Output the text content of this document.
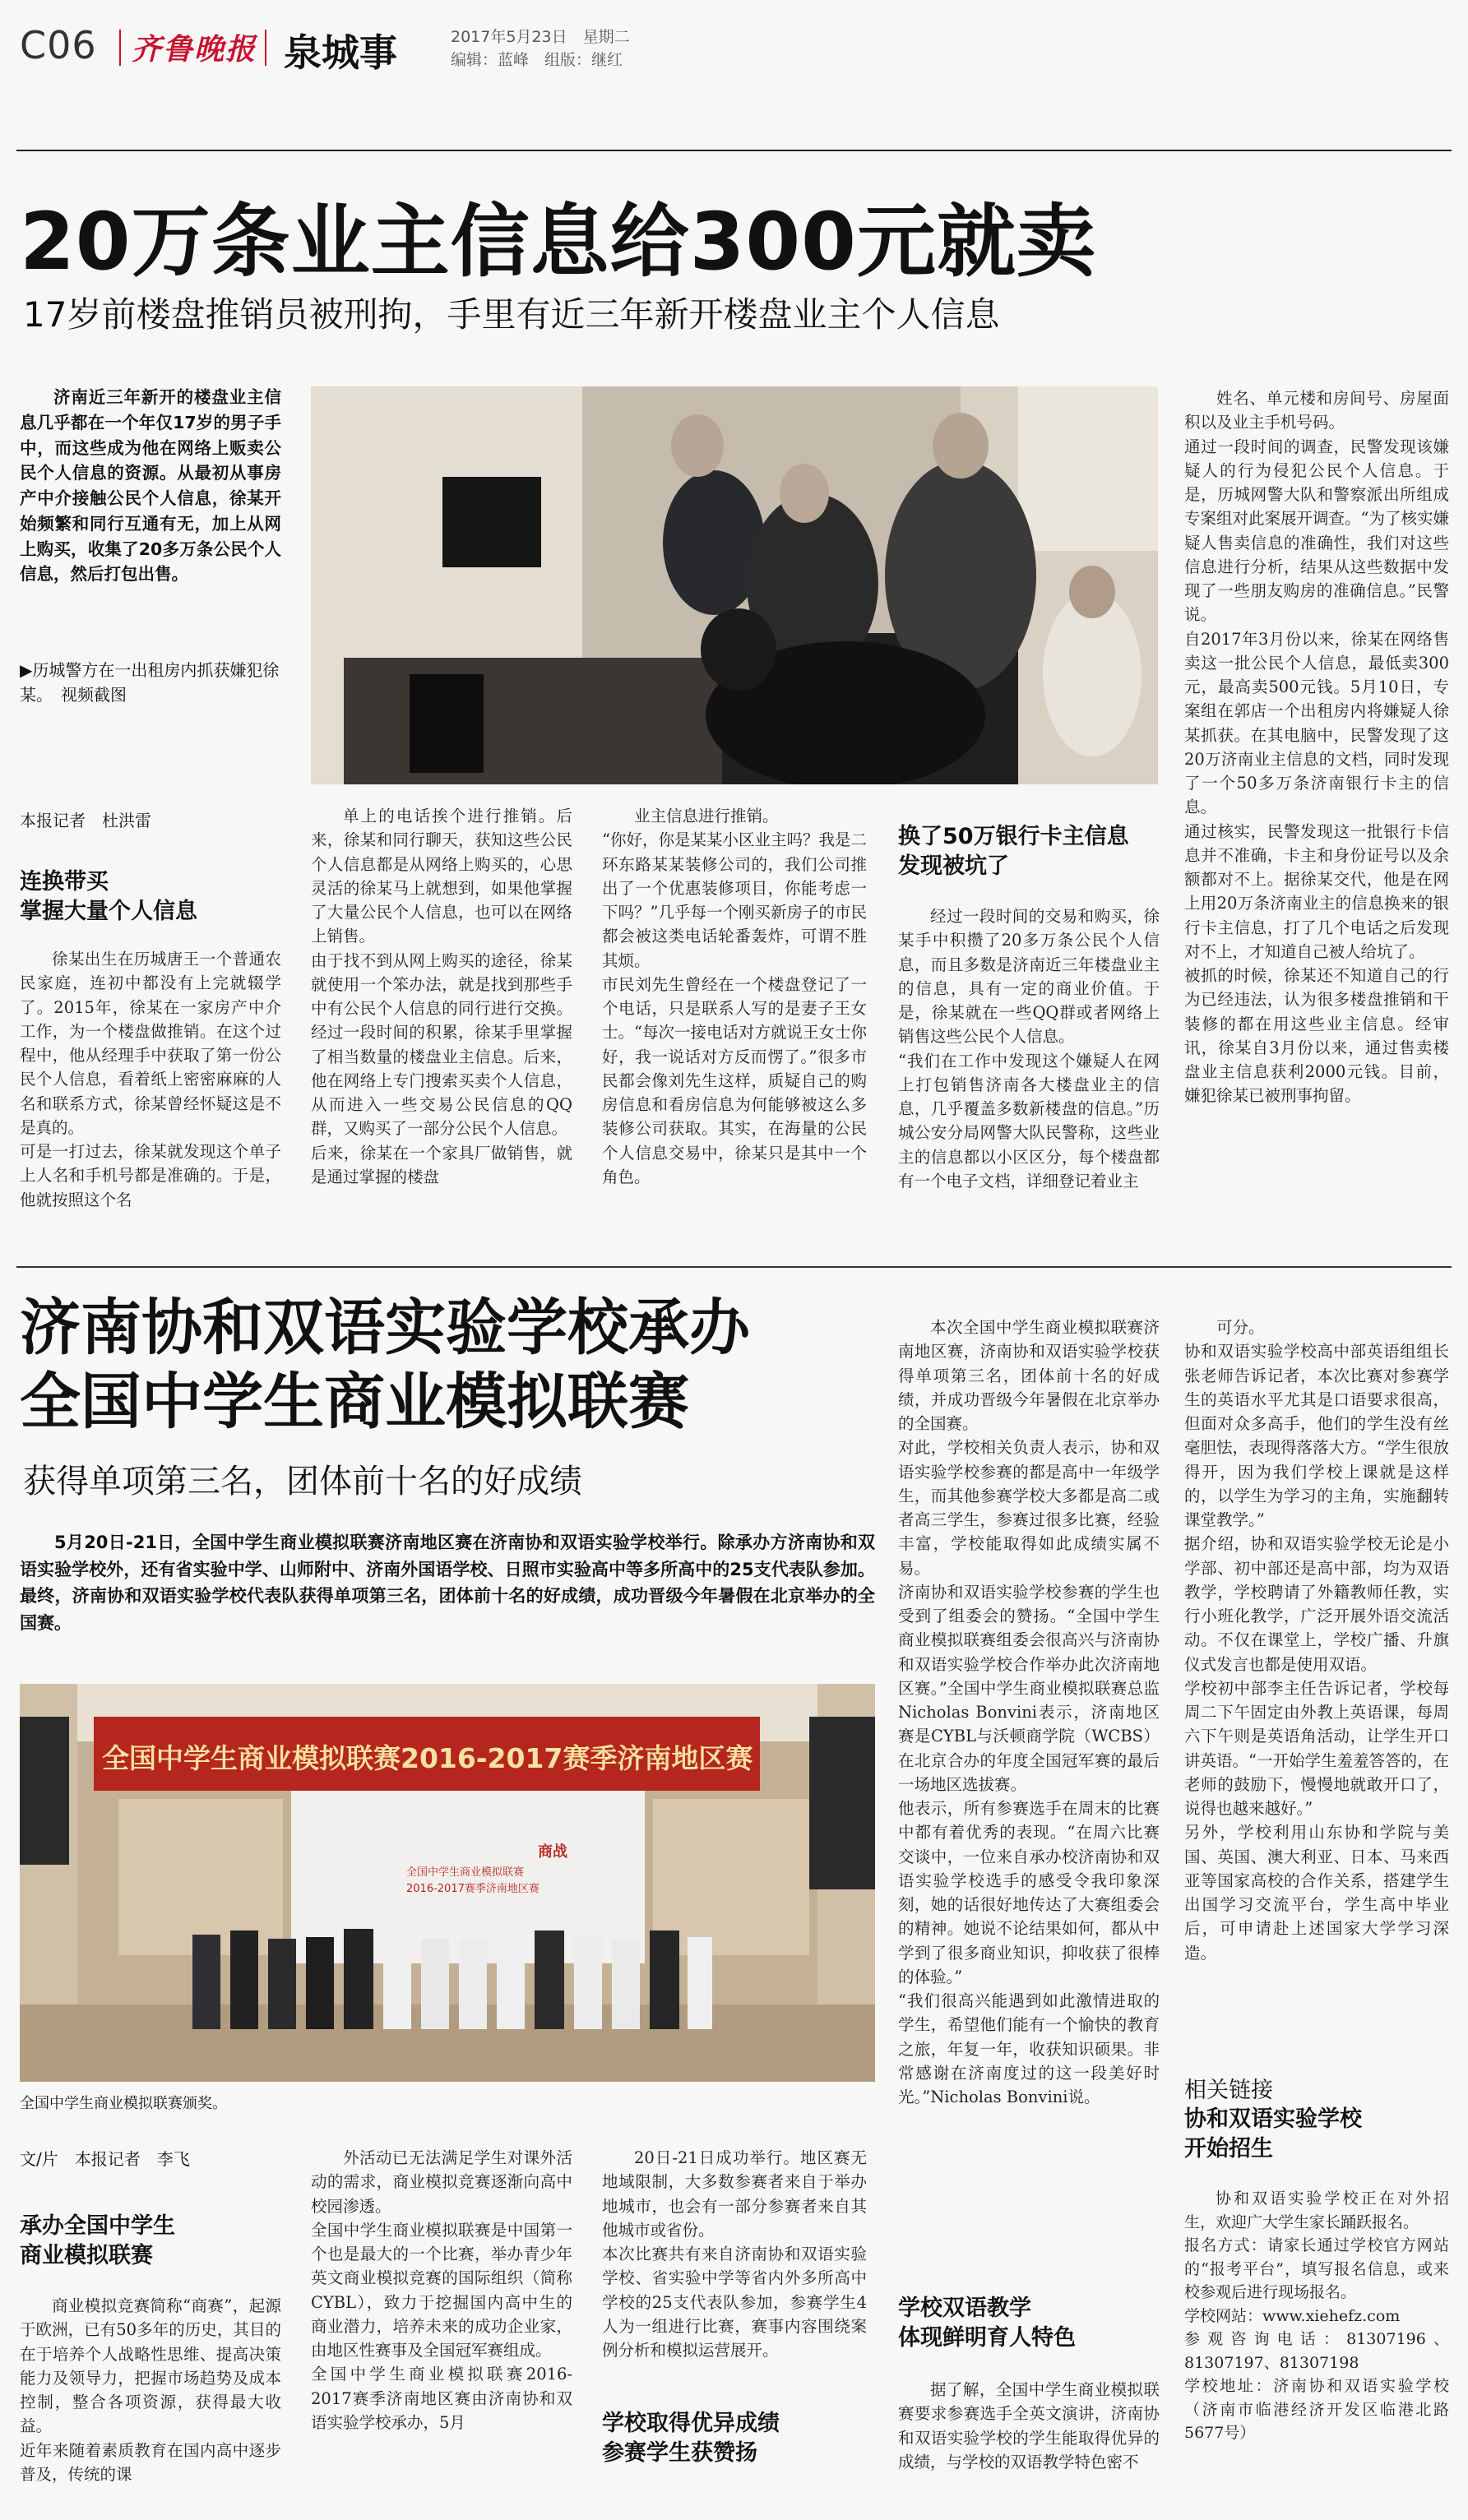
C06 齐鲁晚报 泉城事	2017年5月23日　 星期二
编辑：蓝峰　 组版：继红
20万条业主信息给300元就卖
17岁前楼盘推销员被刑拘，手里有近三年新开楼盘业主个人信息

济南近三年新开的楼盘业主信息几乎都在一个年仅17岁的男子手中，而这些成为他在网络上贩卖公民个人信息的资源。从最初从事房产中介接触公民个人信息，徐某开始频繁和同行互通有无，加上从网上购买，收集了20多万条公民个人信息，然后打包出售。

▶历城警方在一出租房内抓获嫌犯徐某。　视频截图

姓名、单元楼和房间号、房屋面积以及业主手机号码。
通过一段时间的调查，民警发现该嫌疑人的行为侵犯公民个人信息。于是，历城网警大队和警察派出所组成专案组对此案展开调查。“为了核实嫌疑人售卖信息的准确性，我们对这些信息进行分析，结果从这些数据中发现了一些朋友购房的准确信息。”民警说。
自2017年3月份以来，徐某在网络售卖这一批公民个人信息，最低卖300元，最高卖500元钱。5月10日，专案组在郭店一个出租房内将嫌疑人徐某抓获。在其电脑中，民警发现了这20万济南业主信息的文档，同时发现了一个50多万条济南银行卡主的信息。
通过核实，民警发现这一批银行卡信息并不准确，卡主和身份证号以及余额都对不上。据徐某交代，他是在网上用20万条济南业主的信息换来的银行卡主信息，打了几个电话之后发现对不上，才知道自己被人给坑了。
被抓的时候，徐某还不知道自己的行为已经违法，认为很多楼盘推销和干装修的都在用这些业主信息。经审讯，徐某自3月份以来，通过售卖楼盘业主信息获利2000元钱。目前，嫌犯徐某已被刑事拘留。

本报记者　杜洪雷
连换带买
掌握大量个人信息

徐某出生在历城唐王一个普通农民家庭，连初中都没有上完就辍学了。2015年，徐某在一家房产中介工作，为一个楼盘做推销。在这个过程中，他从经理手中获取了第一份公民个人信息，看着纸上密密麻麻的人名和联系方式，徐某曾经怀疑这是不是真的。
可是一打过去，徐某就发现这个单子上人名和手机号都是准确的。于是，他就按照这个名

单上的电话挨个进行推销。后来，徐某和同行聊天，获知这些公民个人信息都是从网络上购买的，心思灵活的徐某马上就想到，如果他掌握了大量公民个人信息，也可以在网络上销售。
由于找不到从网上购买的途径，徐某就使用一个笨办法，就是找到那些手中有公民个人信息的同行进行交换。经过一段时间的积累，徐某手里掌握了相当数量的楼盘业主信息。后来，他在网络上专门搜索买卖个人信息，从而进入一些交易公民信息的QQ群，又购买了一部分公民个人信息。
后来，徐某在一个家具厂做销售，就是通过掌握的楼盘

业主信息进行推销。
“你好，你是某某小区业主吗？我是二环东路某某装修公司的，我们公司推出了一个优惠装修项目，你能考虑一下吗？”几乎每一个刚买新房子的市民都会被这类电话轮番轰炸，可谓不胜其烦。
市民刘先生曾经在一个楼盘登记了一个电话，只是联系人写的是妻子王女士。“每次一接电话对方就说王女士你好，我一说话对方反而愣了。”很多市民都会像刘先生这样，质疑自己的购房信息和看房信息为何能够被这么多装修公司获取。其实，在海量的公民个人信息交易中，徐某只是其中一个角色。

换了50万银行卡主信息
发现被坑了

经过一段时间的交易和购买，徐某手中积攒了20多万条公民个人信息，而且多数是济南近三年楼盘业主的信息，具有一定的商业价值。于是，徐某就在一些QQ群或者网络上销售这些公民个人信息。
“我们在工作中发现这个嫌疑人在网上打包销售济南各大楼盘业主的信息，几乎覆盖多数新楼盘的信息。”历城公安分局网警大队民警称，这些业主的信息都以小区区分，每个楼盘都有一个电子文档，详细登记着业主

济南协和双语实验学校承办
全国中学生商业模拟联赛
获得单项第三名，团体前十名的好成绩

5月20日-21日，全国中学生商业模拟联赛济南地区赛在济南协和双语实验学校举行。除承办方济南协和双语实验学校外，还有省实验中学、山师附中、济南外国语学校、日照市实验高中等多所高中的25支代表队参加。最终，济南协和双语实验学校代表队获得单项第三名，团体前十名的好成绩，成功晋级今年暑假在北京举办的全国赛。

全国中学生商业模拟联赛2016-2017赛季济南地区赛
全国中学生商业模拟联赛
2016-2017赛季济南地区赛
商战
全国中学生商业模拟联赛颁奖。
文/片　本报记者　李飞
承办全国中学生
商业模拟联赛

商业模拟竞赛简称“商赛”，起源于欧洲，已有50多年的历史，其目的在于培养个人战略性思维、提高决策能力及领导力，把握市场趋势及成本控制，整合各项资源，获得最大收益。
近年来随着素质教育在国内高中逐步普及，传统的课

外活动已无法满足学生对课外活动的需求，商业模拟竞赛逐渐向高中校园渗透。
全国中学生商业模拟联赛是中国第一个也是最大的一个比赛，举办青少年英文商业模拟竞赛的国际组织（简称CYBL），致力于挖掘国内高中生的商业潜力，培养未来的成功企业家，由地区性赛事及全国冠军赛组成。
全国中学生商业模拟联赛2016-2017赛季济南地区赛由济南协和双语实验学校承办，5月

20日-21日成功举行。地区赛无地域限制，大多数参赛者来自于举办地城市，也会有一部分参赛者来自其他城市或省份。
本次比赛共有来自济南协和双语实验学校、省实验中学等省内外多所高中学校的25支代表队参加，参赛学生4人为一组进行比赛，赛事内容围绕案例分析和模拟运营展开。

学校取得优异成绩
参赛学生获赞扬

本次全国中学生商业模拟联赛济南地区赛，济南协和双语实验学校获得单项第三名，团体前十名的好成绩，并成功晋级今年暑假在北京举办的全国赛。
对此，学校相关负责人表示，协和双语实验学校参赛的都是高中一年级学生，而其他参赛学校大多都是高二或者高三学生，参赛过很多比赛，经验丰富，学校能取得如此成绩实属不易。
济南协和双语实验学校参赛的学生也受到了组委会的赞扬。“全国中学生商业模拟联赛组委会很高兴与济南协和双语实验学校合作举办此次济南地区赛。”全国中学生商业模拟联赛总监Nicholas Bonvini表示，济南地区赛是CYBL与沃顿商学院（WCBS）在北京合办的年度全国冠军赛的最后一场地区选拔赛。
他表示，所有参赛选手在周末的比赛中都有着优秀的表现。“在周六比赛交谈中，一位来自承办校济南协和双语实验学校选手的感受令我印象深刻，她的话很好地传达了大赛组委会的精神。她说不论结果如何，都从中学到了很多商业知识，抑收获了很棒的体验。”
“我们很高兴能遇到如此激情进取的学生，希望他们能有一个愉快的教育之旅，年复一年，收获知识硕果。非常感谢在济南度过的这一段美好时光。”Nicholas Bonvini说。

学校双语教学
体现鲜明育人特色

据了解，全国中学生商业模拟联赛要求参赛选手全英文演讲，济南协和双语实验学校的学生能取得优异的成绩，与学校的双语教学特色密不

可分。
协和双语实验学校高中部英语组组长张老师告诉记者，本次比赛对参赛学生的英语水平尤其是口语要求很高，但面对众多高手，他们的学生没有丝毫胆怯，表现得落落大方。“学生很放得开，因为我们学校上课就是这样的，以学生为学习的主角，实施翻转课堂教学。”
据介绍，协和双语实验学校无论是小学部、初中部还是高中部，均为双语教学，学校聘请了外籍教师任教，实行小班化教学，广泛开展外语交流活动。不仅在课堂上，学校广播、升旗仪式发言也都是使用双语。
学校初中部李主任告诉记者，学校每周二下午固定由外教上英语课，每周六下午则是英语角活动，让学生开口讲英语。“一开始学生羞羞答答的，在老师的鼓励下，慢慢地就敢开口了，说得也越来越好。”
另外，学校利用山东协和学院与美国、英国、澳大利亚、日本、马来西亚等国家高校的合作关系，搭建学生出国学习交流平台，学生高中毕业后，可申请赴上述国家大学学习深造。

相关链接
协和双语实验学校
开始招生

协和双语实验学校正在对外招生，欢迎广大学生家长踊跃报名。
报名方式：请家长通过学校官方网站的“报考平台”，填写报名信息，或来校参观后进行现场报名。
学校网站：www.xiehefz.com
参观咨询电话：81307196、81307197、81307198
学校地址：济南协和双语实验学校（济南市临港经济开发区临港北路5677号）
